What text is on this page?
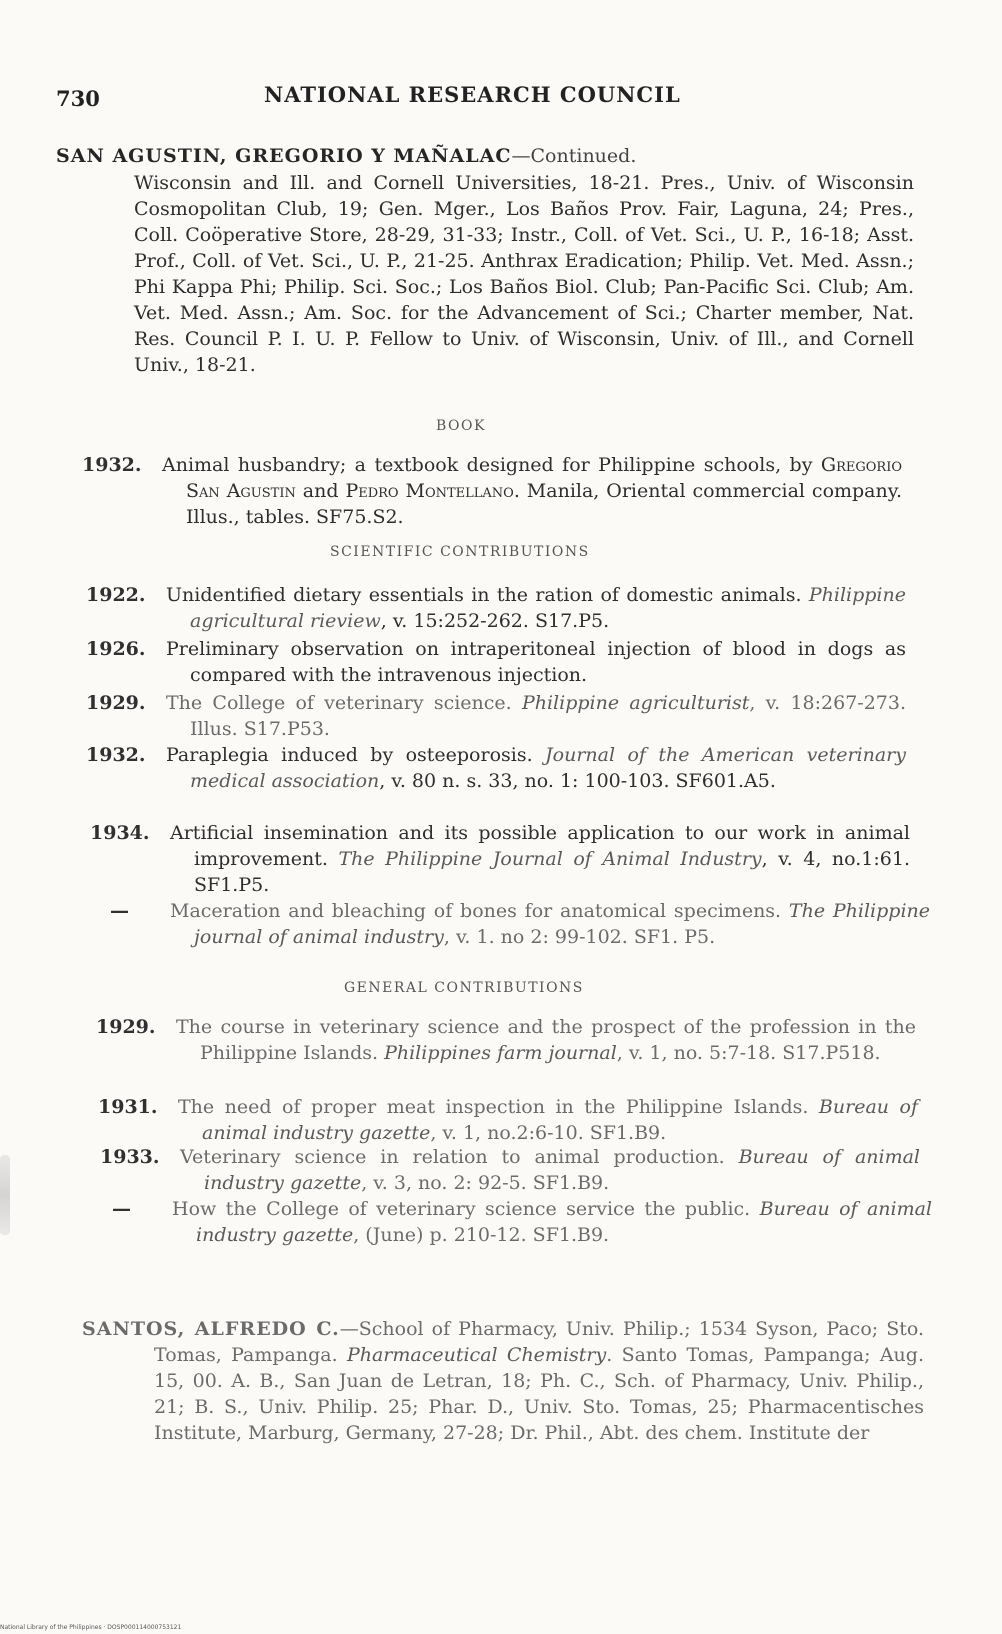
730	NATIONAL RESEARCH COUNCIL
SAN AGUSTIN, GREGORIO Y MAÑALAC—Continued.
Wisconsin and Ill. and Cornell Universities, 18-21. Pres., Univ. of Wisconsin Cosmopolitan Club, 19; Gen. Mger., Los Baños Prov. Fair, Laguna, 24; Pres., Coll. Coöperative Store, 28-29, 31-33; Instr., Coll. of Vet. Sci., U. P., 16-18; Asst. Prof., Coll. of Vet. Sci., U. P., 21-25. Anthrax Eradication; Philip. Vet. Med. Assn.; Phi Kappa Phi; Philip. Sci. Soc.; Los Baños Biol. Club; Pan-Pacific Sci. Club; Am. Vet. Med. Assn.; Am. Soc. for the Advancement of Sci.; Charter member, Nat. Res. Council P. I. U. P. Fellow to Univ. of Wisconsin, Univ. of Ill., and Cornell Univ., 18-21.
BOOK
1932.	Animal husbandry; a textbook designed for Philippine schools, by Gregorio San Agustin and Pedro Montellano. Manila, Oriental commercial company. Illus., tables. SF75.S2.
SCIENTIFIC CONTRIBUTIONS
1922.	Unidentified dietary essentials in the ration of domestic animals. Philippine agricultural rieview, v. 15:252-262. S17.P5.
1926.	Preliminary observation on intraperitoneal injection of blood in dogs as compared with the intravenous injection.
1929.	The College of veterinary science. Philippine agriculturist, v. 18:267-273. Illus. S17.P53.
1932.	Paraplegia induced by osteeporosis. Journal of the American veterinary medical association, v. 80 n. s. 33, no. 1: 100-103. SF601.A5.
1934.	Artificial insemination and its possible application to our work in animal improvement. The Philippine Journal of Animal Industry, v. 4, no.1:61. SF1.P5.
—	Maceration and bleaching of bones for anatomical specimens. The Philippine journal of animal industry, v. 1. no 2: 99-102. SF1. P5.
GENERAL CONTRIBUTIONS
1929.	The course in veterinary science and the prospect of the profession in the Philippine Islands. Philippines farm journal, v. 1, no. 5:7-18. S17.P518.
1931.	The need of proper meat inspection in the Philippine Islands. Bureau of animal industry gazette, v. 1, no.2:6-10. SF1.B9.
1933.	Veterinary science in relation to animal production. Bureau of animal industry gazette, v. 3, no. 2: 92-5. SF1.B9.
—	How the College of veterinary science service the public. Bureau of animal industry gazette, (June) p. 210-12. SF1.B9.
SANTOS, ALFREDO C.—School of Pharmacy, Univ. Philip.; 1534 Syson, Paco; Sto. Tomas, Pampanga. Pharmaceutical Chemistry. Santo Tomas, Pampanga; Aug. 15, 00. A. B., San Juan de Letran, 18; Ph. C., Sch. of Pharmacy, Univ. Philip., 21; B. S., Univ. Philip. 25; Phar. D., Univ. Sto. Tomas, 25; Pharmacentisches Institute, Marburg, Germany, 27-28; Dr. Phil., Abt. des chem. Institute der
National Library of the Philippines · DOSP000114000753121
